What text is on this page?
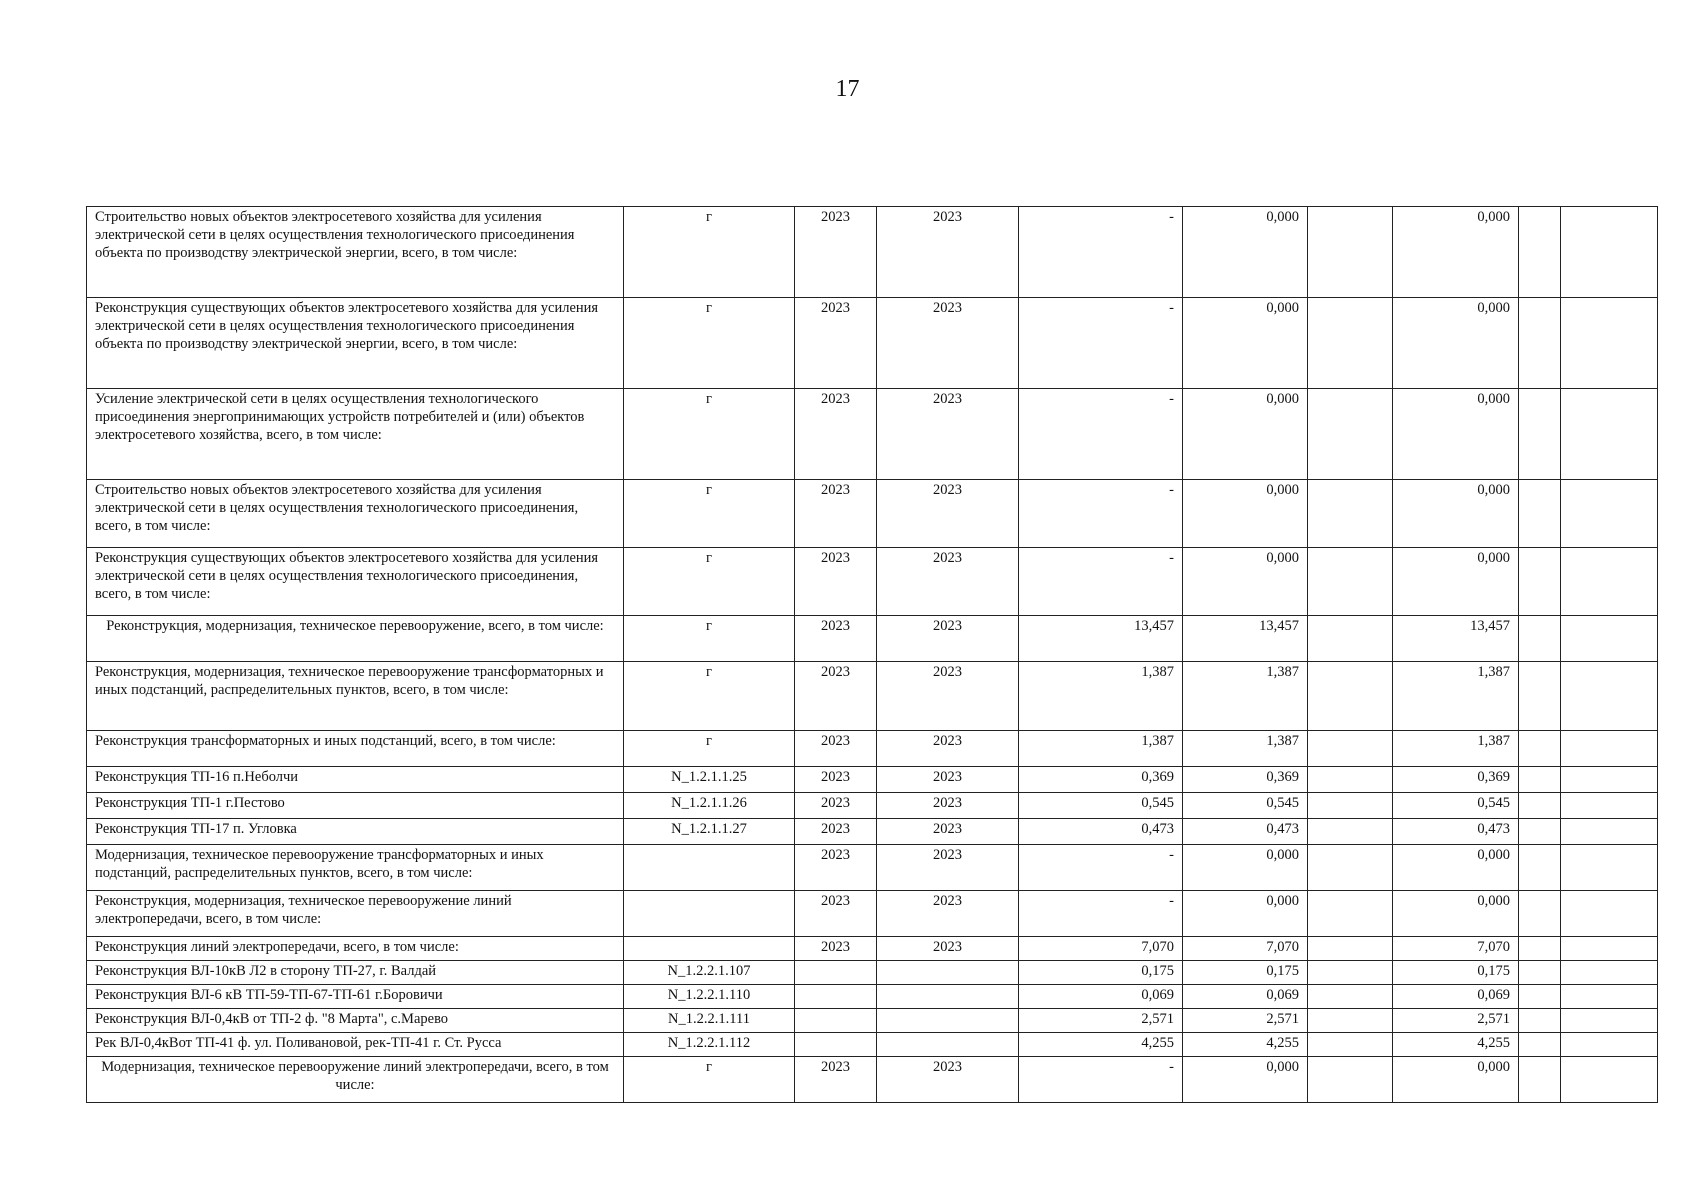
17
Строительство новых объектов электросетевого хозяйства для усиления электрической сети в целях осуществления технологического присоединения объекта по производству электрической энергии, всего, в том числе:	г	2023	2023	-	0,000		0,000		
Реконструкция существующих объектов электросетевого хозяйства для усиления электрической сети в целях осуществления технологического присоединения объекта по производству электрической энергии, всего, в том числе:	г	2023	2023	-	0,000		0,000		
Усиление электрической сети в целях осуществления технологического присоединения энергопринимающих устройств потребителей и (или) объектов электросетевого хозяйства, всего, в том числе:	г	2023	2023	-	0,000		0,000		
Строительство новых объектов электросетевого хозяйства для усиления электрической сети в целях осуществления технологического присоединения, всего, в том числе:	г	2023	2023	-	0,000		0,000		
Реконструкция существующих объектов электросетевого хозяйства для усиления электрической сети в целях осуществления технологического присоединения, всего, в том числе:	г	2023	2023	-	0,000		0,000		
Реконструкция, модернизация, техническое перевооружение, всего, в том числе:	г	2023	2023	13,457	13,457		13,457		
Реконструкция, модернизация, техническое перевооружение трансформаторных и иных подстанций, распределительных пунктов, всего, в том числе:	г	2023	2023	1,387	1,387		1,387		
Реконструкция трансформаторных и иных подстанций, всего, в том числе:	г	2023	2023	1,387	1,387		1,387		
Реконструкция ТП-16 п.Неболчи	N_1.2.1.1.25	2023	2023	0,369	0,369		0,369		
Реконструкция ТП-1 г.Пестово	N_1.2.1.1.26	2023	2023	0,545	0,545		0,545		
Реконструкция ТП-17 п. Угловка	N_1.2.1.1.27	2023	2023	0,473	0,473		0,473		
Модернизация, техническое перевооружение трансформаторных и иных подстанций, распределительных пунктов, всего, в том числе:		2023	2023	-	0,000		0,000		
Реконструкция, модернизация, техническое перевооружение линий электропередачи, всего, в том числе:		2023	2023	-	0,000		0,000		
Реконструкция линий электропередачи, всего, в том числе:		2023	2023	7,070	7,070		7,070		
Реконструкция ВЛ-10кВ Л2 в сторону ТП-27, г. Валдай	N_1.2.2.1.107			0,175	0,175		0,175		
Реконструкция ВЛ-6 кВ ТП-59-ТП-67-ТП-61 г.Боровичи	N_1.2.2.1.110			0,069	0,069		0,069		
Реконструкция ВЛ-0,4кВ от ТП-2 ф. "8 Марта", с.Марево	N_1.2.2.1.111			2,571	2,571		2,571		
Рек ВЛ-0,4кВот ТП-41 ф. ул. Поливановой, рек-ТП-41 г. Ст. Русса	N_1.2.2.1.112			4,255	4,255		4,255		
Модернизация, техническое перевооружение линий электропередачи, всего, в том числе:	г	2023	2023	-	0,000		0,000		
